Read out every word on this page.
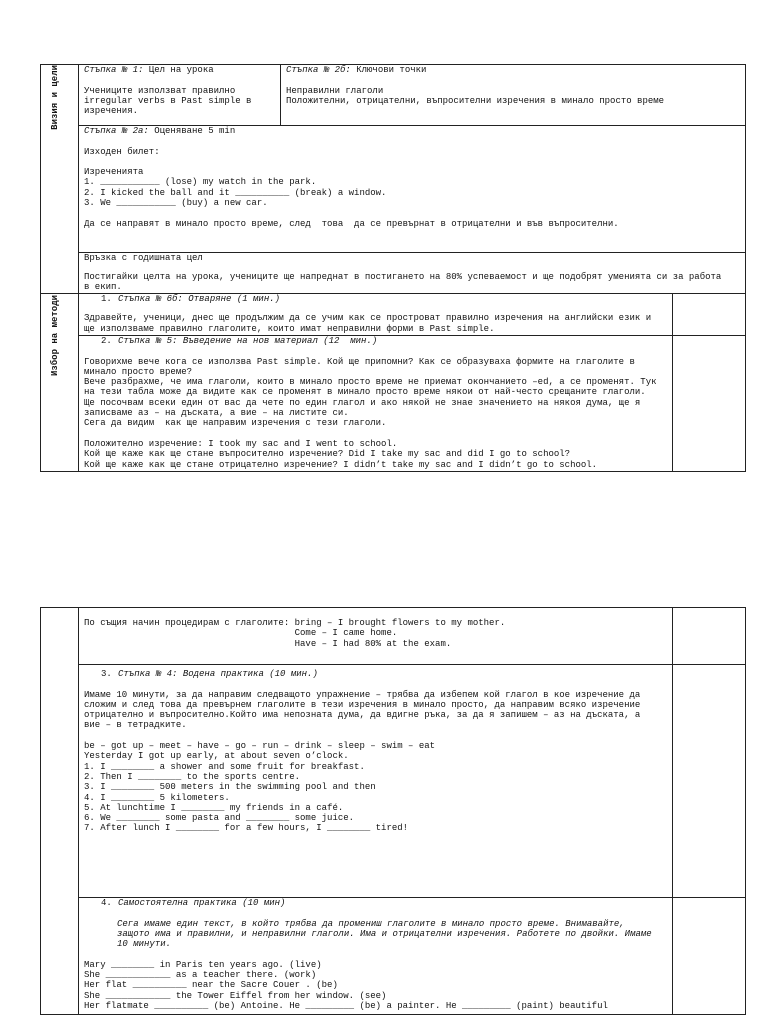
Визия и цели
Избор на методи
Стъпка № 1: Цел на урока
Учениците използват правилно
irregular verbs в Past simple в
изречения.
Стъпка № 2б: Ключови точки
Неправилни глаголи
Положителни, отрицателни, въпросителни изречения в минало просто време
Стъпка № 2а: Оценяване 5 min
Изходен билет:
Изреченията
1. ___________ (lose) my watch in the park.
2. I kicked the ball and it __________ (break) a window.
3. We ___________ (buy) a new car.
Да се направят в минало просто време, след  това  да се превърнат в отрицателни и във въпросителни.
Връзка с годишната цел
Постигайки целта на урока, учениците ще напреднат в постигането на 80% успеваемост и ще подобрят уменията си за работа
в екип.
1. Стъпка № 6б: Отваряне (1 мин.)
Здравейте, ученици, днес ще продължим да се учим как се простроват правилно изречения на английски език и
ще използваме правилно глаголите, които имат неправилни форми в Past simple.
2. Стъпка № 5: Въведение на нов материал (12  мин.)
Говорихме вече кога се използва Past simple. Кой ще припомни? Как се образуваха формите на глаголите в
минало просто време?
Вече разбрахме, че има глаголи, които в минало просто време не приемат окончанието –ed, а се променят. Тук
на тези табла може да видите как се променят в минало просто време някои от най-често срещаните глаголи.
Ще посочвам всеки един от вас да чете по един глагол и ако някой не знае значението на някоя дума, ще я
записваме аз – на дъската, а вие – на листите си.
Сега да видим  как ще направим изречения с тези глаголи.
Положително изречение: I took my sac and I went to school.
Кой ще каже как ще стане въпросително изречение? Did I take my sac and did I go to school?
Кой ще каже как ще стане отрицателно изречение? I didn’t take my sac and I didn’t go to school.
По същия начин процедирам с глаголите: bring – I brought flowers to my mother.
Come – I came home.
Have – I had 80% at the exam.
3. Стъпка № 4: Водена практика (10 мин.)
Имаме 10 минути, за да направим следващото упражнение – трябва да избепем кой глагол в кое изречение да
сложим и след това да превърнем глаголите в тези изречения в минало просто, да направим всяко изречение
отрицателно и въпросително.Който има непозната дума, да вдигне ръка, за да я запишем – аз на дъската, а
вие – в тетрадките.
be – got up – meet – have – go – run – drink – sleep – swim – eat
Yesterday I got up early, at about seven o’clock.
1. I ________ a shower and some fruit for breakfast.
2. Then I ________ to the sports centre.
3. I ________ 500 meters in the swimming pool and then
4. I ________ 5 kilometers.
5. At lunchtime I ________ my friends in a café.
6. We ________ some pasta and ________ some juice.
7. After lunch I ________ for a few hours, I ________ tired!
4. Самостоятелна практика (10 мин)
Сега имаме един текст, в който трябва да промениш глаголите в минало просто време. Внимавайте,
защото има и правилни, и неправилни глаголи. Има и отрицателни изречения. Работете по двойки. Имаме
10 минути.
Mary ________ in Paris ten years ago. (live)
She ____________ as a teacher there. (work)
Her flat __________ near the Sacre Couer . (be)
She ____________ the Tower Eiffel from her window. (see)
Her flatmate __________ (be) Antoine. He _________ (be) a painter. He _________ (paint) beautiful
